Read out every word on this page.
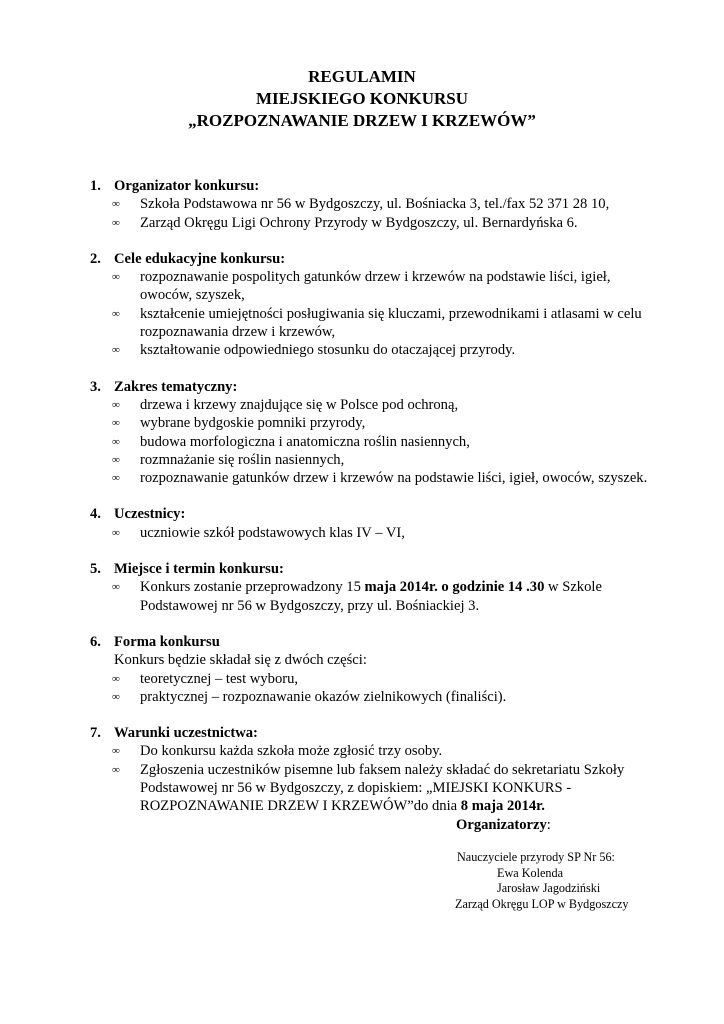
REGULAMIN
MIEJSKIEGO KONKURSU
„ROZPOZNAWANIE DRZEW I KRZEWÓW”
1. Organizator konkursu:
∞	Szkoła Podstawowa nr 56 w Bydgoszczy, ul. Bośniacka 3, tel./fax 52 371 28 10,
∞	Zarząd Okręgu Ligi Ochrony Przyrody w Bydgoszczy, ul. Bernardyńska 6.
2. Cele edukacyjne konkursu:
∞	rozpoznawanie pospolitych gatunków drzew i krzewów na podstawie liści, igieł,
owoców, szyszek,
∞	kształcenie umiejętności posługiwania się kluczami, przewodnikami i atlasami w celu
rozpoznawania drzew i krzewów,
∞	kształtowanie odpowiedniego stosunku do otaczającej przyrody.
3. Zakres tematyczny:
∞	drzewa i krzewy znajdujące się w Polsce pod ochroną,
∞	wybrane bydgoskie pomniki przyrody,
∞	budowa morfologiczna i anatomiczna roślin nasiennych,
∞	rozmnażanie się roślin nasiennych,
∞	rozpoznawanie gatunków drzew i krzewów na podstawie liści, igieł, owoców, szyszek.
4. Uczestnicy:
∞	uczniowie szkół podstawowych klas IV – VI,
5. Miejsce i termin konkursu:
∞	Konkurs zostanie przeprowadzony 15 maja 2014r. o godzinie 14 .30 w Szkole
Podstawowej nr 56 w Bydgoszczy, przy ul. Bośniackiej 3.
6. Forma konkursu
Konkurs będzie składał się z dwóch części:
∞	teoretycznej – test wyboru,
∞	praktycznej – rozpoznawanie okazów zielnikowych (finaliści).
7. Warunki uczestnictwa:
∞	Do konkursu każda szkoła może zgłosić trzy osoby.
∞	Zgłoszenia uczestników pisemne lub faksem należy składać do sekretariatu Szkoły
Podstawowej nr 56 w Bydgoszczy, z dopiskiem: „MIEJSKI KONKURS -
ROZPOZNAWANIE DRZEW I KRZEWÓW”do dnia 8 maja 2014r.
Organizatorzy:
Nauczyciele przyrody SP Nr 56:
Ewa Kolenda
Jarosław Jagodziński
Zarząd Okręgu LOP w Bydgoszczy
